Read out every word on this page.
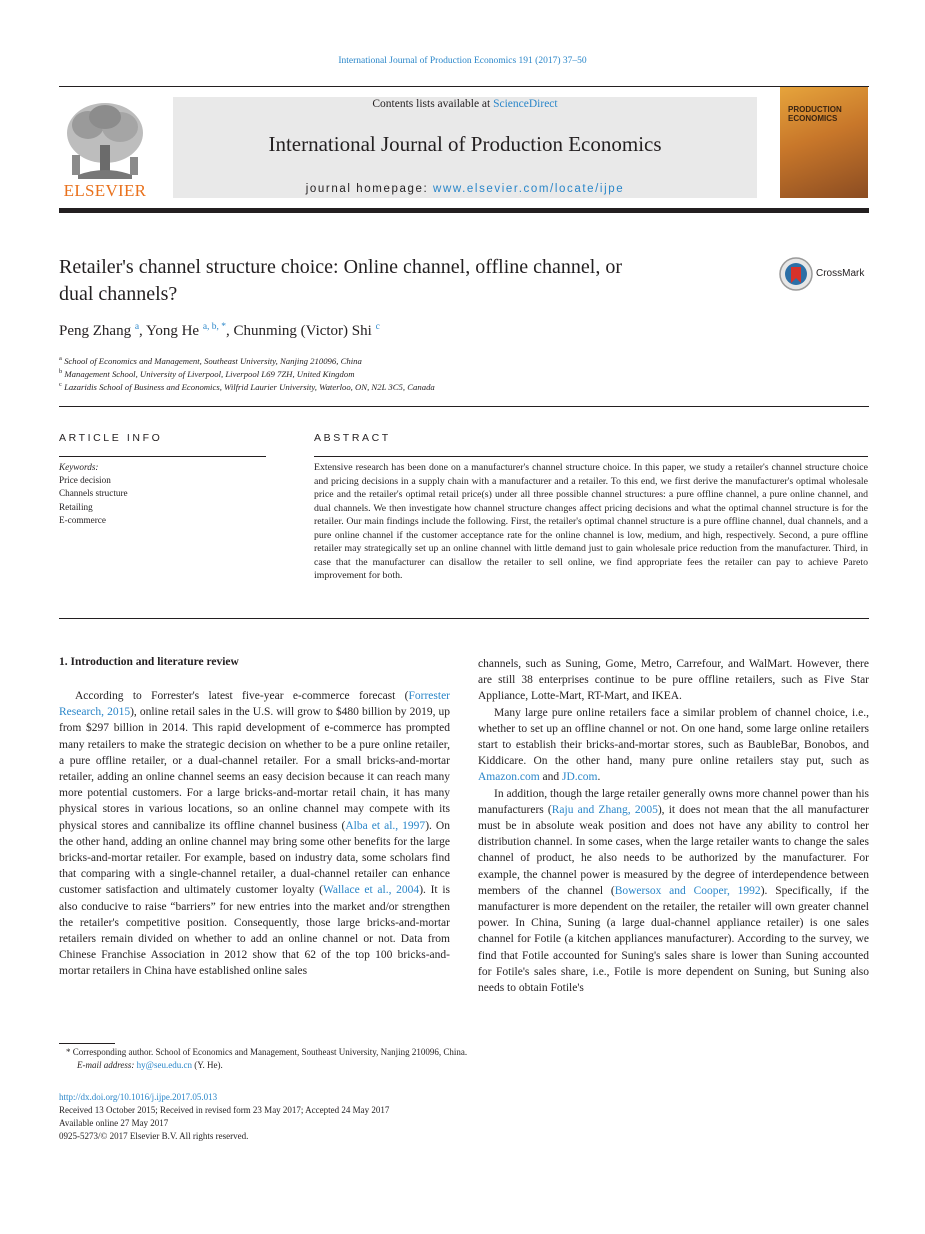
International Journal of Production Economics 191 (2017) 37–50
ELSEVIER
Contents lists available at ScienceDirect
International Journal of Production Economics
journal homepage: www.elsevier.com/locate/ijpe
PRODUCTION
ECONOMICS
Retailer's channel structure choice: Online channel, offline channel, or
dual channels?
CrossMark
Peng Zhang $^a$, Yong He $^{a, b, *}$, Chunming (Victor) Shi $^c$
$^a$ School of Economics and Management, Southeast University, Nanjing 210096, China
$^b$ Management School, University of Liverpool, Liverpool L69 7ZH, United Kingdom
$^c$ Lazaridis School of Business and Economics, Wilfrid Laurier University, Waterloo, ON, N2L 3C5, Canada
ARTICLE INFO
Keywords:
Price decision
Channels structure
Retailing
E-commerce
ABSTRACT
Extensive research has been done on a manufacturer's channel structure choice. In this paper, we study a retailer's channel structure choice and pricing decisions in a supply chain with a manufacturer and a retailer. To this end, we first derive the manufacturer's optimal wholesale price and the retailer's optimal retail price(s) under all three possible channel structures: a pure offline channel, a pure online channel, and dual channels. We then investigate how channel structure changes affect pricing decisions and what the optimal channel structure is for the retailer. Our main findings include the following. First, the retailer's optimal channel structure is a pure offline channel, dual channels, and a pure online channel if the customer acceptance rate for the online channel is low, medium, and high, respectively. Second, a pure offline retailer may strategically set up an online channel with little demand just to gain wholesale price reduction from the manufacturer. Third, in case that the manufacturer can disallow the retailer to sell online, we find appropriate fees the retailer can pay to achieve Pareto improvement for both.
1. Introduction and literature review

According to Forrester's latest five-year e-commerce forecast (Forrester Research, 2015), online retail sales in the U.S. will grow to $480 billion by 2019, up from $297 billion in 2014. This rapid development of e-commerce has prompted many retailers to make the strategic decision on whether to be a pure online retailer, a pure offline retailer, or a dual-channel retailer. For a small bricks-and-mortar retailer, adding an online channel seems an easy decision because it can reach many more potential customers. For a large bricks-and-mortar retail chain, it has many physical stores in various locations, so an online channel may compete with its physical stores and cannibalize its offline channel business (Alba et al., 1997). On the other hand, adding an online channel may bring some other benefits for the large bricks-and-mortar retailer. For example, based on industry data, some scholars find that comparing with a single-channel retailer, a dual-channel retailer can enhance customer satisfaction and ultimately customer loyalty (Wallace et al., 2004). It is also conducive to raise “barriers” for new entries into the market and/or strengthen the retailer's competitive position. Consequently, those large bricks-and-mortar retailers remain divided on whether to add an online channel or not. Data from Chinese Franchise Association in 2012 show that 62 of the top 100 bricks-and-mortar retailers in China have established online sales

channels, such as Suning, Gome, Metro, Carrefour, and WalMart. However, there are still 38 enterprises continue to be pure offline retailers, such as Five Star Appliance, Lotte-Mart, RT-Mart, and IKEA.

Many large pure online retailers face a similar problem of channel choice, i.e., whether to set up an offline channel or not. On one hand, some large online retailers start to establish their bricks-and-mortar stores, such as BaubleBar, Bonobos, and Kiddicare. On the other hand, many pure online retailers stay put, such as Amazon.com and JD.com.

In addition, though the large retailer generally owns more channel power than his manufacturers (Raju and Zhang, 2005), it does not mean that the all manufacturer must be in absolute weak position and does not have any ability to control her distribution channel. In some cases, when the large retailer wants to change the sales channel of product, he also needs to be authorized by the manufacturer. For example, the channel power is measured by the degree of interdependence between members of the channel (Bowersox and Cooper, 1992). Specifically, if the manufacturer is more dependent on the retailer, the retailer will own greater channel power. In China, Suning (a large dual-channel appliance retailer) is one sales channel for Fotile (a kitchen appliances manufacturer). According to the survey, we find that Fotile accounted for Suning's sales share is lower than Suning accounted for Fotile's sales share, i.e., Fotile is more dependent on Suning, but Suning also needs to obtain Fotile's

* Corresponding author. School of Economics and Management, Southeast University, Nanjing 210096, China.
E-mail address: hy@seu.edu.cn (Y. He).
http://dx.doi.org/10.1016/j.ijpe.2017.05.013
Received 13 October 2015; Received in revised form 23 May 2017; Accepted 24 May 2017
Available online 27 May 2017
0925-5273/© 2017 Elsevier B.V. All rights reserved.
